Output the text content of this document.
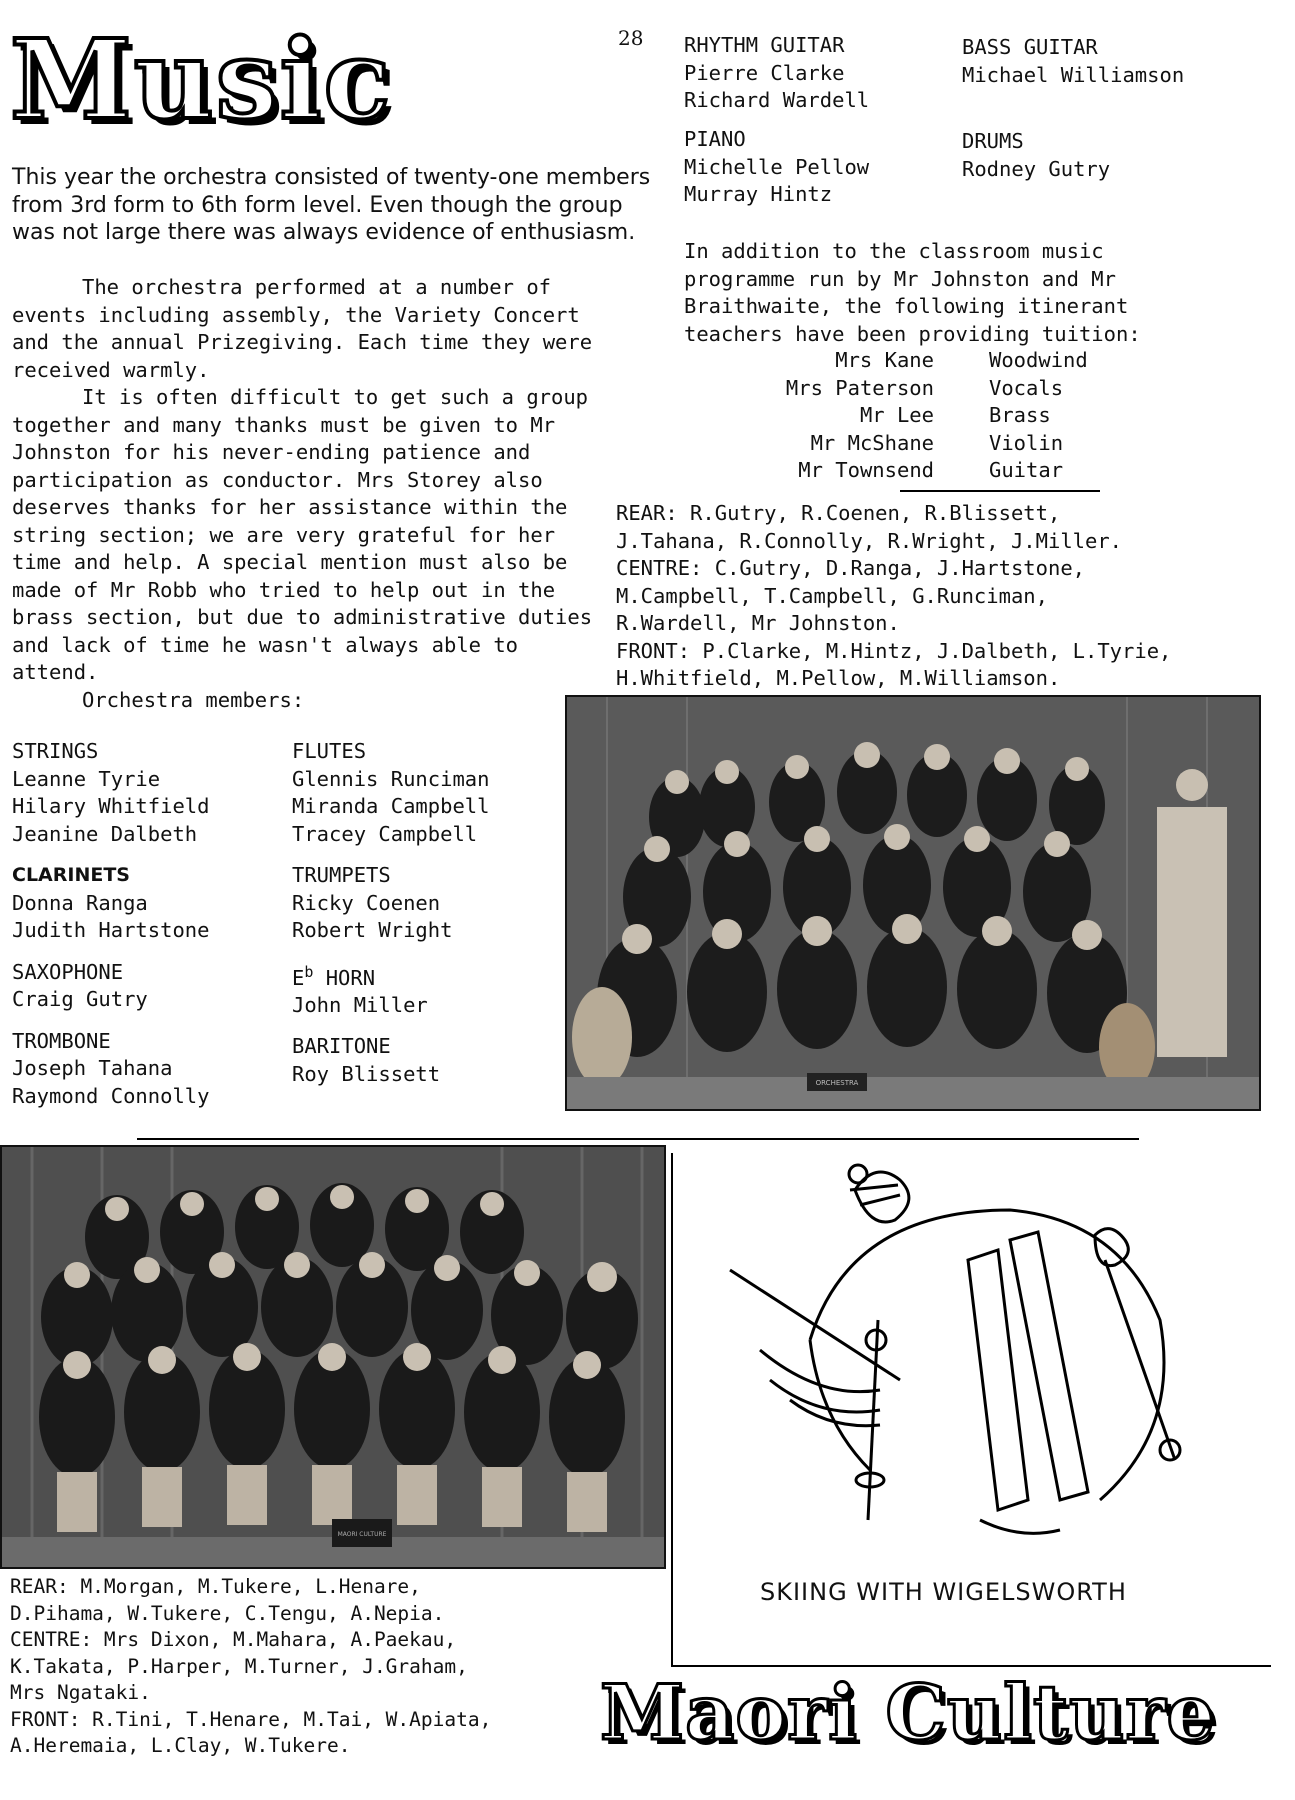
Music	28

This year the orchestra consisted of twenty-one members from 3rd form to 6th form level. Even though the group was not large there was always evidence of enthusiasm.

The orchestra performed at a number of events including assembly, the Variety Concert and the annual Prizegiving. Each time they were received warmly.

It is often difficult to get such a group together and many thanks must be given to Mr Johnston for his never-ending patience and participation as conductor. Mrs Storey also deserves thanks for her assistance within the string section; we are very grateful for her time and help. A special mention must also be made of Mr Robb who tried to help out in the brass section, but due to administrative duties and lack of time he wasn't always able to attend.

Orchestra members:
STRINGS
Leanne Tyrie
Hilary Whitfield
Jeanine Dalbeth
CLARINETS
Donna Ranga
Judith Hartstone
SAXOPHONE
Craig Gutry
TROMBONE
Joseph Tahana
Raymond Connolly
FLUTES
Glennis Runciman
Miranda Campbell
Tracey Campbell
TRUMPETS
Ricky Coenen
Robert Wright
$E^b$ HORN
John Miller
BARITONE
Roy Blissett
RHYTHM GUITAR
Pierre Clarke
Richard Wardell
BASS GUITAR
Michael Williamson
PIANO
Michelle Pellow
Murray Hintz
DRUMS
Rodney Gutry
In addition to the classroom music programme run by Mr Johnston and Mr Braithwaite, the following itinerant teachers have been providing tuition:
Mrs Kane	Woodwind
Mrs Paterson	Vocals
Mr Lee	Brass
Mr McShane	Violin
Mr Townsend	Guitar
REAR: R.Gutry, R.Coenen, R.Blissett,
J.Tahana, R.Connolly, R.Wright, J.Miller.
CENTRE: C.Gutry, D.Ranga, J.Hartstone,
M.Campbell, T.Campbell, G.Runciman,
R.Wardell, Mr Johnston.
FRONT: P.Clarke, M.Hintz, J.Dalbeth, L.Tyrie,
H.Whitfield, M.Pellow, M.Williamson.
ORCHESTRA
MAORI CULTURE
REAR: M.Morgan, M.Tukere, L.Henare,
D.Pihama, W.Tukere, C.Tengu, A.Nepia.
CENTRE: Mrs Dixon, M.Mahara, A.Paekau,
K.Takata, P.Harper, M.Turner, J.Graham,
Mrs Ngataki.
FRONT: R.Tini, T.Henare, M.Tai, W.Apiata,
A.Heremaia, L.Clay, W.Tukere.
SKIING WITH WIGELSWORTH
Maori Culture
